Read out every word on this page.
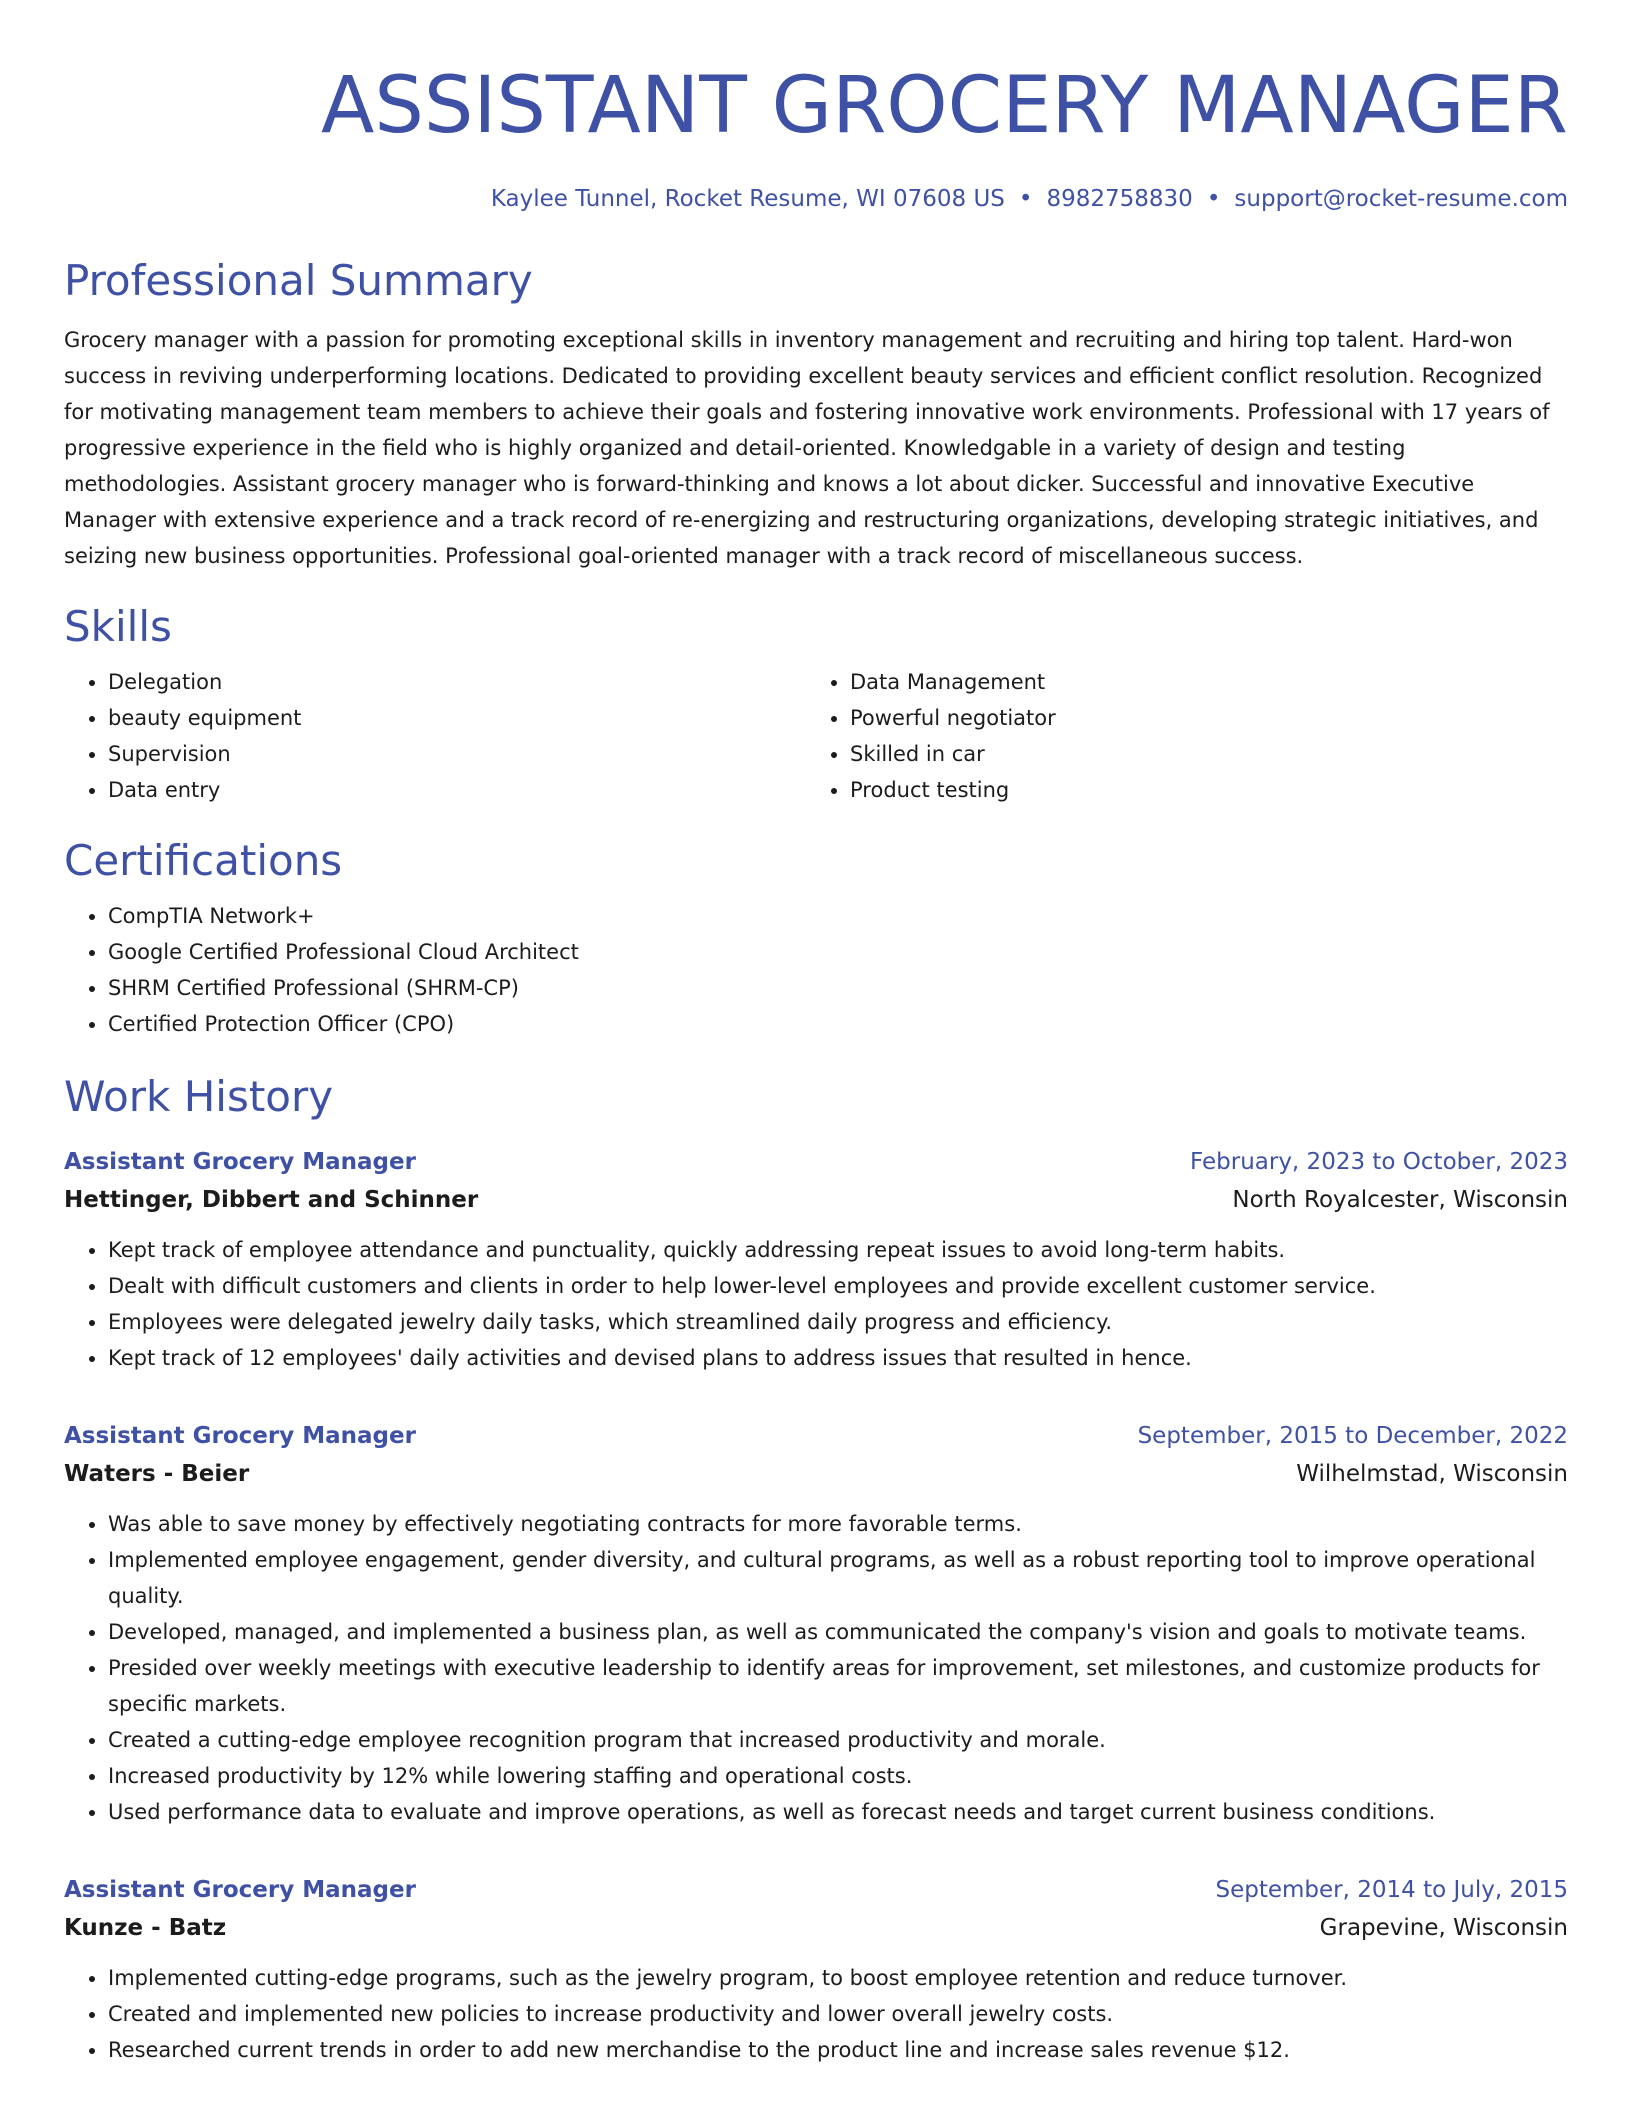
ASSISTANT GROCERY MANAGER
Kaylee Tunnel, Rocket Resume, WI 07608 US • 8982758830 • support@rocket-resume.com
Professional Summary
Grocery manager with a passion for promoting exceptional skills in inventory management and recruiting and hiring top talent. Hard-won success in reviving underperforming locations. Dedicated to providing excellent beauty services and efficient conflict resolution. Recognized for motivating management team members to achieve their goals and fostering innovative work environments. Professional with 17 years of progressive experience in the field who is highly organized and detail-oriented. Knowledgable in a variety of design and testing methodologies. Assistant grocery manager who is forward-thinking and knows a lot about dicker. Successful and innovative Executive Manager with extensive experience and a track record of re-energizing and restructuring organizations, developing strategic initiatives, and seizing new business opportunities. Professional goal-oriented manager with a track record of miscellaneous success.
Skills
• Delegation
• beauty equipment
• Supervision
• Data entry
• Data Management
• Powerful negotiator
• Skilled in car
• Product testing
Certifications
• CompTIA Network+
• Google Certified Professional Cloud Architect
• SHRM Certified Professional (SHRM-CP)
• Certified Protection Officer (CPO)
Work History
Assistant Grocery Manager	February, 2023 to October, 2023
Hettinger, Dibbert and Schinner	North Royalcester, Wisconsin
• Kept track of employee attendance and punctuality, quickly addressing repeat issues to avoid long-term habits.
• Dealt with difficult customers and clients in order to help lower-level employees and provide excellent customer service.
• Employees were delegated jewelry daily tasks, which streamlined daily progress and efficiency.
• Kept track of 12 employees' daily activities and devised plans to address issues that resulted in hence.
Assistant Grocery Manager	September, 2015 to December, 2022
Waters - Beier	Wilhelmstad, Wisconsin
• Was able to save money by effectively negotiating contracts for more favorable terms.
• Implemented employee engagement, gender diversity, and cultural programs, as well as a robust reporting tool to improve operational quality.
• Developed, managed, and implemented a business plan, as well as communicated the company's vision and goals to motivate teams.
• Presided over weekly meetings with executive leadership to identify areas for improvement, set milestones, and customize products for specific markets.
• Created a cutting-edge employee recognition program that increased productivity and morale.
• Increased productivity by 12% while lowering staffing and operational costs.
• Used performance data to evaluate and improve operations, as well as forecast needs and target current business conditions.
Assistant Grocery Manager	September, 2014 to July, 2015
Kunze - Batz	Grapevine, Wisconsin
• Implemented cutting-edge programs, such as the jewelry program, to boost employee retention and reduce turnover.
• Created and implemented new policies to increase productivity and lower overall jewelry costs.
• Researched current trends in order to add new merchandise to the product line and increase sales revenue $12.
